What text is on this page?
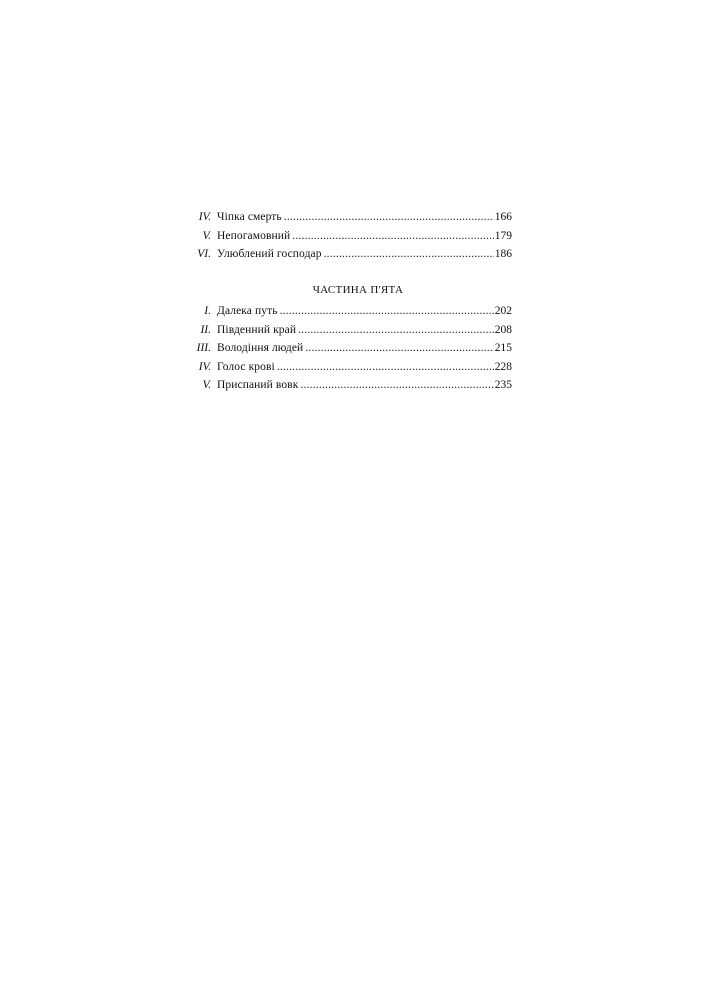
IV. Чіпка смерть .....	166
V. Непогамовний .....	179
VI. Улюблений господар .....	186
ЧАСТИНА П'ЯТА
I. Далека путь .....	202
II. Південний край .....	208
III. Володіння людей .....	215
IV. Голос крові .....	228
V. Приспаний вовк .....	235
